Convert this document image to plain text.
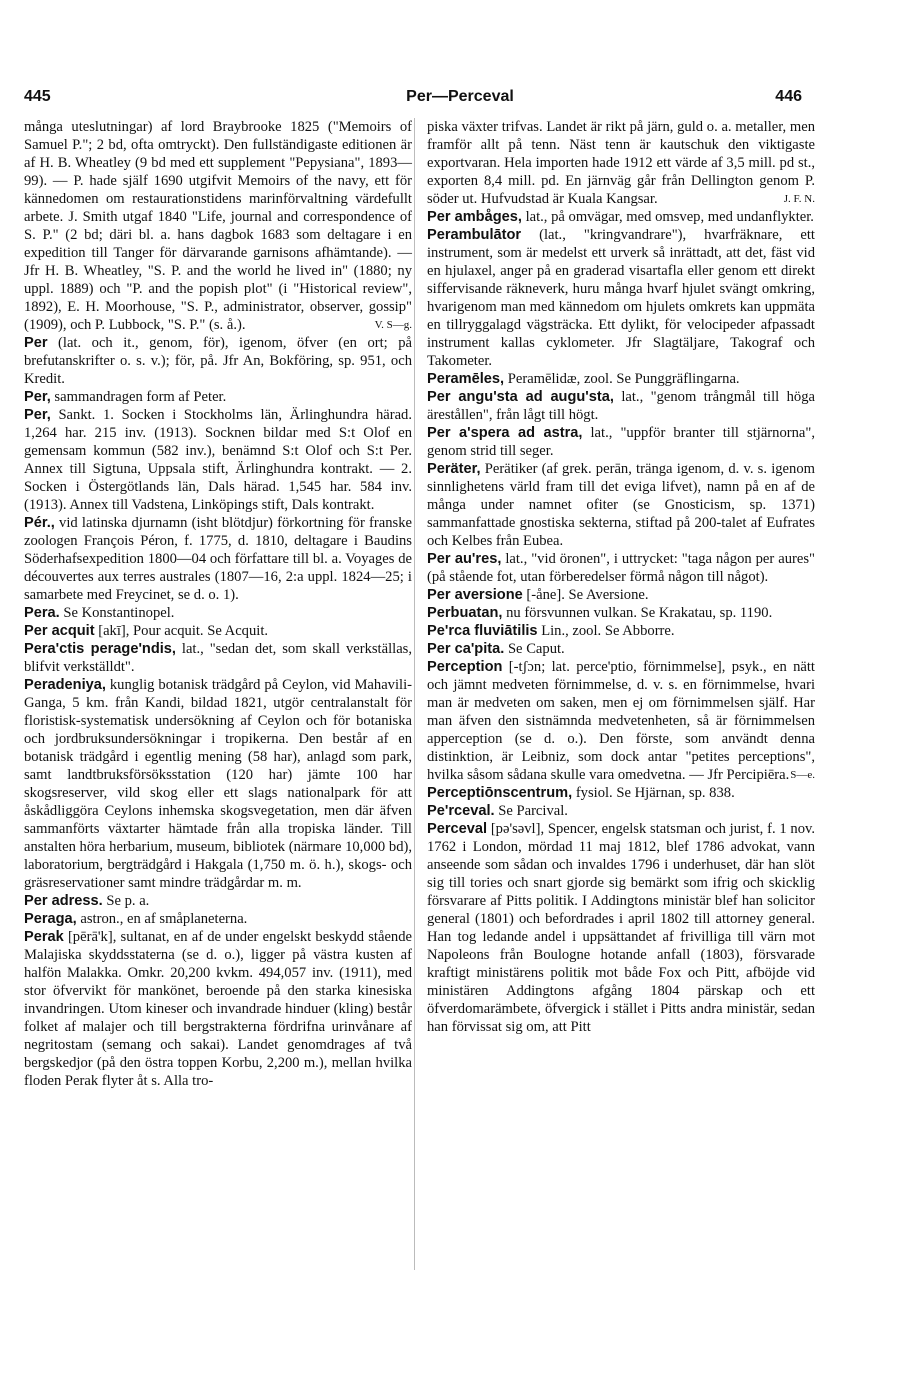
445	Per—Perceval	446

många uteslutningar) af lord Braybrooke 1825 ("Memoirs of Samuel P."; 2 bd, ofta omtryckt). Den fullständigaste editionen är af H. B. Wheatley (9 bd med ett supplement "Pepysiana", 1893—99). — P. hade själf 1690 utgifvit Memoirs of the navy, ett för kännedomen om restaurationstidens marinförvaltning värdefullt arbete. J. Smith utgaf 1840 "Life, journal and correspondence of S. P." (2 bd; däri bl. a. hans dagbok 1683 som deltagare i en expedition till Tanger för därvarande garnisons afhämtande). — Jfr H. B. Wheatley, "S. P. and the world he lived in" (1880; ny uppl. 1889) och "P. and the popish plot" (i "Historical review", 1892), E. H. Moorhouse, "S. P., administrator, observer, gossip" (1909), och P. Lubbock, "S. P." (s. å.).	V. S—g.

Per (lat. och it., genom, för), igenom, öfver (en ort; på brefutanskrifter o. s. v.); för, på. Jfr An, Bokföring, sp. 951, och Kredit.

Per, sammandragen form af Peter.

Per, Sankt. 1. Socken i Stockholms län, Ärlinghundra härad. 1,264 har. 215 inv. (1913). Socknen bildar med S:t Olof en gemensam kommun (582 inv.), benämnd S:t Olof och S:t Per. Annex till Sigtuna, Uppsala stift, Ärlinghundra kontrakt. — 2. Socken i Östergötlands län, Dals härad. 1,545 har. 584 inv. (1913). Annex till Vadstena, Linköpings stift, Dals kontrakt.

Pér., vid latinska djurnamn (isht blötdjur) förkortning för franske zoologen François Péron, f. 1775, d. 1810, deltagare i Baudins Söderhafsexpedition 1800—04 och författare till bl. a. Voyages de découvertes aux terres australes (1807—16, 2:a uppl. 1824—25; i samarbete med Freycinet, se d. o. 1).

Pera. Se Konstantinopel.

Per acquit [akī], Pour acquit. Se Acquit.

Pera'ctis perage'ndis, lat., "sedan det, som skall verkställas, blifvit verkställdt".

Peradeniya, kunglig botanisk trädgård på Ceylon, vid Mahavili-Ganga, 5 km. från Kandi, bildad 1821, utgör centralanstalt för floristisk-systematisk undersökning af Ceylon och för botaniska och jordbruksundersökningar i tropikerna. Den består af en botanisk trädgård i egentlig mening (58 har), anlagd som park, samt landtbruksförsöksstation (120 har) jämte 100 har skogsreserver, vild skog eller ett slags nationalpark för att åskådliggöra Ceylons inhemska skogsvegetation, men där äfven sammanförts växtarter hämtade från alla tropiska länder. Till anstalten höra herbarium, museum, bibliotek (närmare 10,000 bd), laboratorium, bergträdgård i Hakgala (1,750 m. ö. h.), skogs- och gräsreservationer samt mindre trädgårdar m. m.

Per adress. Se p. a.

Peraga, astron., en af småplaneterna.

Perak [pērā'k], sultanat, en af de under engelskt beskydd stående Malajiska skyddsstaterna (se d. o.), ligger på västra kusten af halfön Malakka. Omkr. 20,200 kvkm. 494,057 inv. (1911), med stor öfvervikt för mankönet, beroende på den starka kinesiska invandringen. Utom kineser och invandrade hinduer (kling) består folket af malajer och till bergstrakterna fördrifna urinvånare af negritostam (semang och sakai). Landet genomdrages af två bergskedjor (på den östra toppen Korbu, 2,200 m.), mellan hvilka floden Perak flyter åt s. Alla tro-

piska växter trifvas. Landet är rikt på järn, guld o. a. metaller, men framför allt på tenn. Näst tenn är kautschuk den viktigaste exportvaran. Hela importen hade 1912 ett värde af 3,5 mill. pd st., exporten 8,4 mill. pd. En järnväg går från Dellington genom P. söder ut. Hufvudstad är Kuala Kangsar.	J. F. N.

Per ambåges, lat., på omvägar, med omsvep, med undanflykter.

Perambulātor (lat., "kringvandrare"), hvarfräknare, ett instrument, som är medelst ett urverk så inrättadt, att det, fäst vid en hjulaxel, anger på en graderad visartafla eller genom ett direkt siffervisande räkneverk, huru många hvarf hjulet svängt omkring, hvarigenom man med kännedom om hjulets omkrets kan uppmäta en tillryggalagd vägsträcka. Ett dylikt, för velocipeder afpassadt instrument kallas cyklometer. Jfr Slagtäljare, Takograf och Takometer.

Peramēles, Peramēlidæ, zool. Se Punggräflingarna.

Per angu'sta ad augu'sta, lat., "genom trångmål till höga ärestållen", från lågt till högt.

Per a'spera ad astra, lat., "uppför branter till stjärnorna", genom strid till seger.

Peräter, Perätiker (af grek. perān, tränga igenom, d. v. s. igenom sinnlighetens värld fram till det eviga lifvet), namn på en af de många under namnet ofiter (se Gnosticism, sp. 1371) sammanfattade gnostiska sekterna, stiftad på 200-talet af Eufrates och Kelbes från Eubea.

Per au'res, lat., "vid öronen", i uttrycket: "taga någon per aures" (på stående fot, utan förberedelser förmå någon till något).

Per aversione [-åne]. Se Aversione.

Perbuatan, nu försvunnen vulkan. Se Krakatau, sp. 1190.

Pe'rca fluviātilis Lin., zool. Se Abborre.

Per ca'pita. Se Caput.

Perception [-tʃɔn; lat. perce'ptio, förnimmelse], psyk., en nätt och jämnt medveten förnimmelse, d. v. s. en förnimmelse, hvari man är medveten om saken, men ej om förnimmelsen själf. Har man äfven den sistnämnda medvetenheten, så är förnimmelsen apperception (se d. o.). Den förste, som användt denna distinktion, är Leibniz, som dock antar "petites perceptions", hvilka såsom sådana skulle vara omedvetna. — Jfr Percipiēra. S—e.

Perceptiōnscentrum, fysiol. Se Hjärnan, sp. 838.

Pe'rceval. Se Parcival.

Perceval [pə'səvl], Spencer, engelsk statsman och jurist, f. 1 nov. 1762 i London, mördad 11 maj 1812, blef 1786 advokat, vann anseende som sådan och invaldes 1796 i underhuset, där han slöt sig till tories och snart gjorde sig bemärkt som ifrig och skicklig försvarare af Pitts politik. I Addingtons ministär blef han solicitor general (1801) och befordrades i april 1802 till attorney general. Han tog ledande andel i uppsättandet af frivilliga till värn mot Napoleons från Boulogne hotande anfall (1803), försvarade kraftigt ministärens politik mot både Fox och Pitt, afböjde vid ministären Addingtons afgång 1804 pärskap och ett öfverdomarämbete, öfvergick i stället i Pitts andra ministär, sedan han förvissat sig om, att Pitt
